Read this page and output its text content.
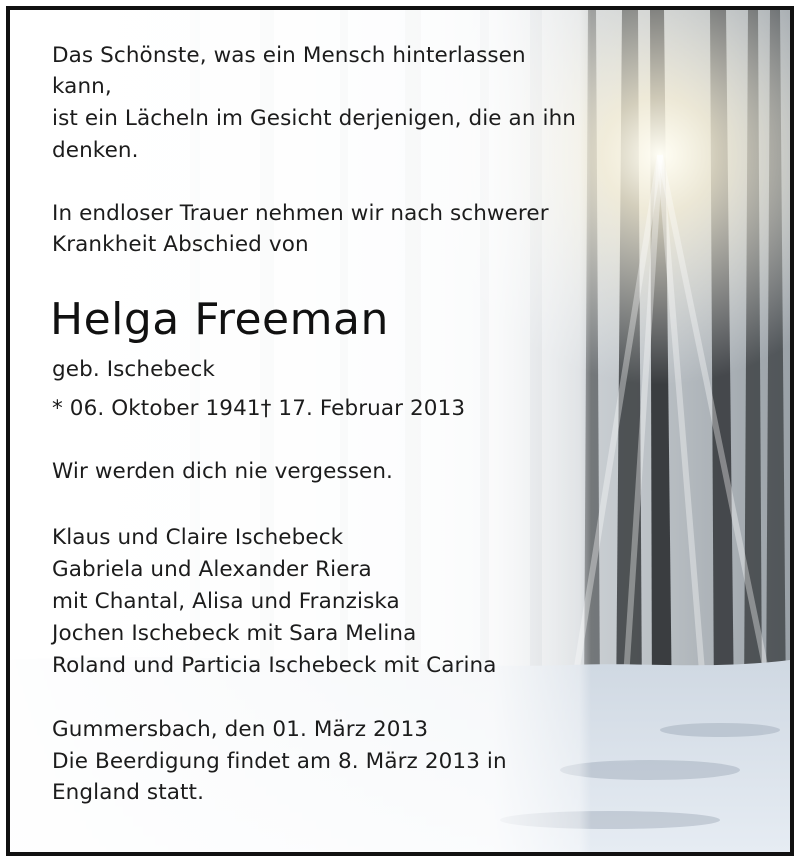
Das Schönste, was ein Mensch hinterlassen
kann,
ist ein Lächeln im Gesicht derjenigen, die an ihn
denken.
In endloser Trauer nehmen wir nach schwerer
Krankheit Abschied von
Helga Freeman
geb. Ischebeck
* 06. Oktober 1941† 17. Februar 2013
Wir werden dich nie vergessen.
Klaus und Claire Ischebeck
Gabriela und Alexander Riera
mit Chantal, Alisa und Franziska
Jochen Ischebeck mit Sara Melina
Roland und Particia Ischebeck mit Carina
Gummersbach, den 01. März 2013
Die Beerdigung findet am 8. März 2013 in
England statt.
